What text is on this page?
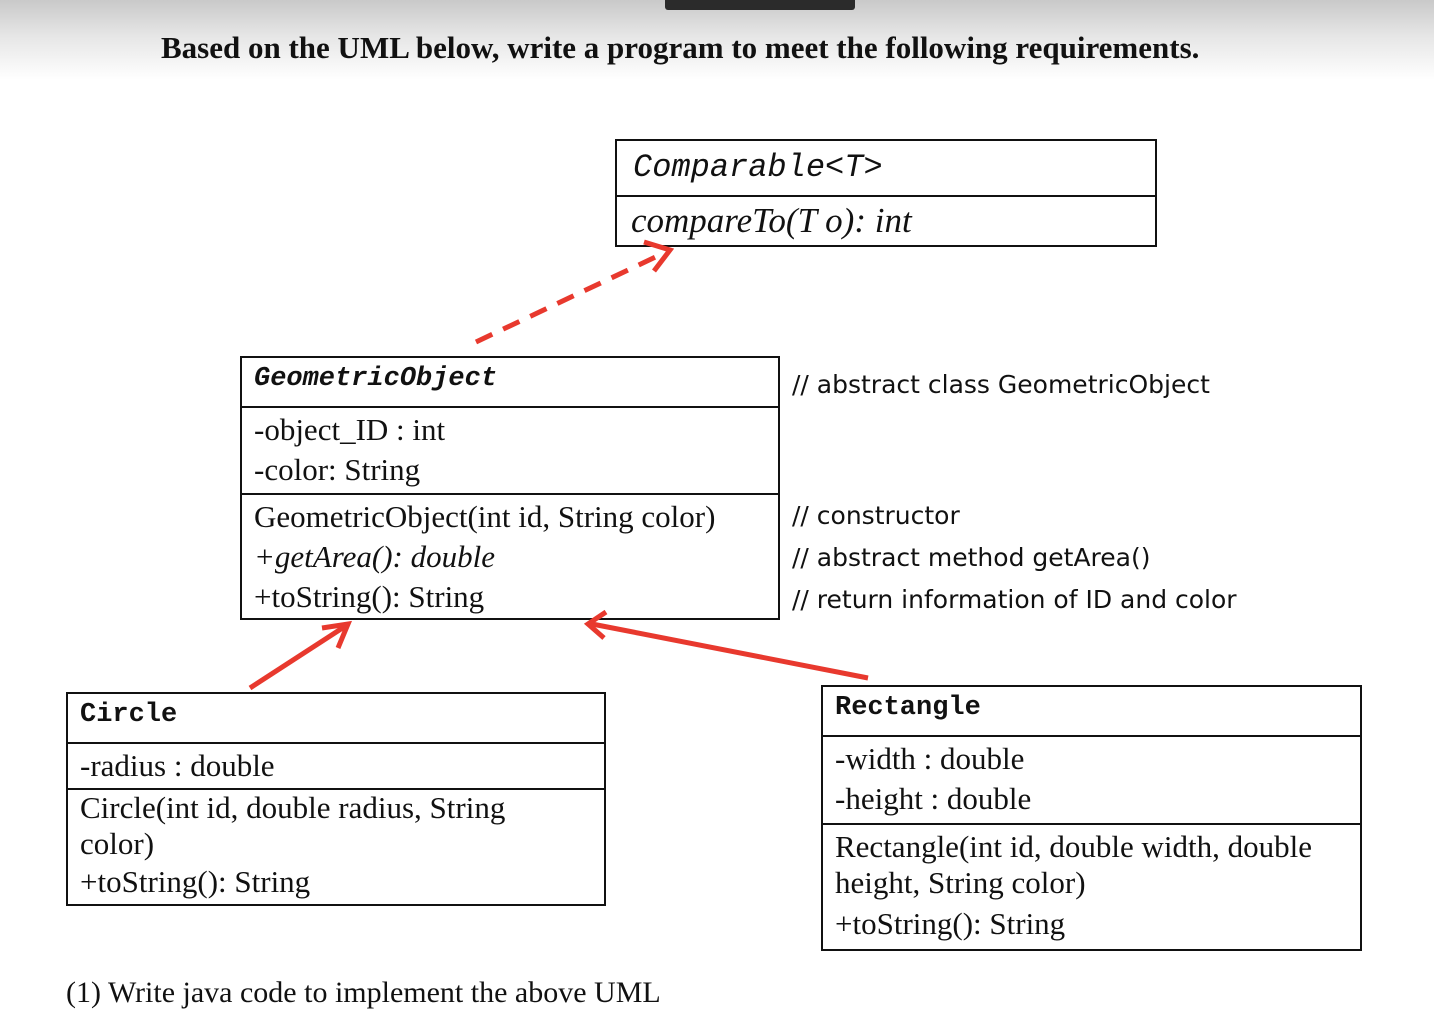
Based on the UML below, write a program to meet the following requirements.
Comparable<T>
compareTo(T o): int
GeometricObject
-object_ID : int
-color: String
GeometricObject(int id, String color)
+getArea(): double
+toString(): String
// abstract class GeometricObject
// constructor
// abstract method getArea()
// return information of ID and color
Circle
-radius : double
Circle(int id, double radius, String
color)
+toString(): String
Rectangle
-width : double
-height : double
Rectangle(int id, double width, double
height, String color)
+toString(): String
(1) Write java code to implement the above UML
